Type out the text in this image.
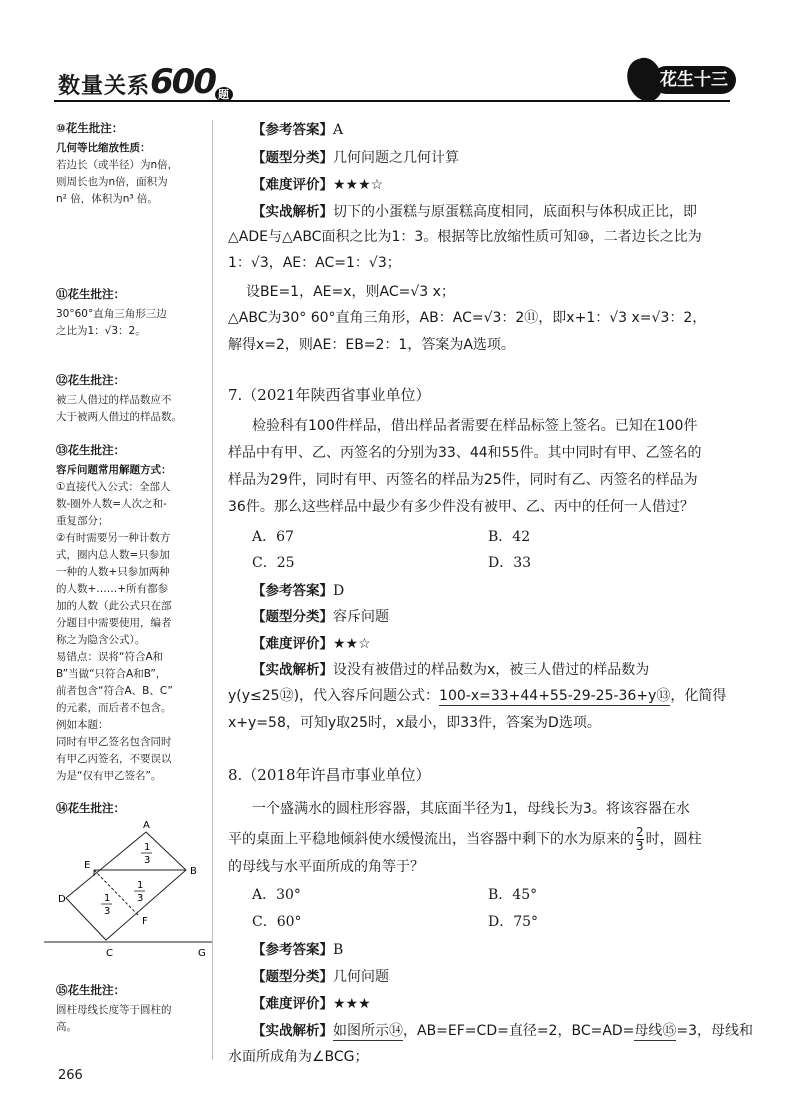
数量关系600 题
花生十三
⑩花生批注：
几何等比缩放性质：
若边长（或半径）为n倍，
则周长也为n倍，面积为
n² 倍，体积为n³ 倍。
⑪花生批注：
30°60°直角三角形三边
之比为1：√3：2。
⑫花生批注：
被三人借过的样品数应不
大于被两人借过的样品数。
⑬花生批注：
容斥问题常用解题方式：
①直接代入公式：全部人
数-圈外人数=人次之和-
重复部分；
②有时需要另一种计数方
式，圈内总人数=只参加
一种的人数+只参加两种
的人数+……+所有都参
加的人数（此公式只在部
分题目中需要使用，编者
称之为隐含公式）。
易错点：误将“符合A和
B”当做“只符合A和B”，
前者包含“符合A、B、C”
的元素，而后者不包含。
例如本题：
同时有甲乙签名包含同时
有甲乙丙签名，不要误以
为是“仅有甲乙签名”。
⑭花生批注：
⑮花生批注：
圆柱母线长度等于圆柱的
高。
A
B
C
D
E
F
G
1
3
1
3
1
3
【参考答案】A
【题型分类】几何问题之几何计算
【难度评价】★★★☆
【实战解析】切下的小蛋糕与原蛋糕高度相同，底面积与体积成正比，即
△ADE与△ABC面积之比为1：3。根据等比放缩性质可知⑩，二者边长之比为
1：√3，AE：AC=1：√3；
设BE=1，AE=x，则AC=√3 x；
△ABC为30° 60°直角三角形，AB：AC=√3：2⑪，即x+1：√3 x=√3：2，
解得x=2，则AE：EB=2：1，答案为A选项。
7.（2021年陕西省事业单位）
检验科有100件样品，借出样品者需要在样品标签上签名。已知在100件
样品中有甲、乙、丙签名的分别为33、44和55件。其中同时有甲、乙签名的
样品为29件，同时有甲、丙签名的样品为25件，同时有乙、丙签名的样品为
36件。那么这些样品中最少有多少件没有被甲、乙、丙中的任何一人借过？
A．67	B．42
C．25	D．33
【参考答案】D
【题型分类】容斥问题
【难度评价】★★☆
【实战解析】设没有被借过的样品数为x，被三人借过的样品数为
y(y≤25⑫)，代入容斥问题公式：100-x=33+44+55-29-25-36+y⑬，化简得
x+y=58，可知y取25时，x最小，即33件，答案为D选项。
8.（2018年许昌市事业单位）
一个盛满水的圆柱形容器，其底面半径为1，母线长为3。将该容器在水
平的桌面上平稳地倾斜使水缓慢流出，当容器中剩下的水为原来的 $\frac{2}{3}$ 时，圆柱
的母线与水平面所成的角等于？
A．30°	B．45°
C．60°	D．75°
【参考答案】B
【题型分类】几何问题
【难度评价】★★★
【实战解析】如图所示⑭，AB=EF=CD=直径=2，BC=AD=母线⑮=3，母线和
水面所成角为∠BCG；
266
